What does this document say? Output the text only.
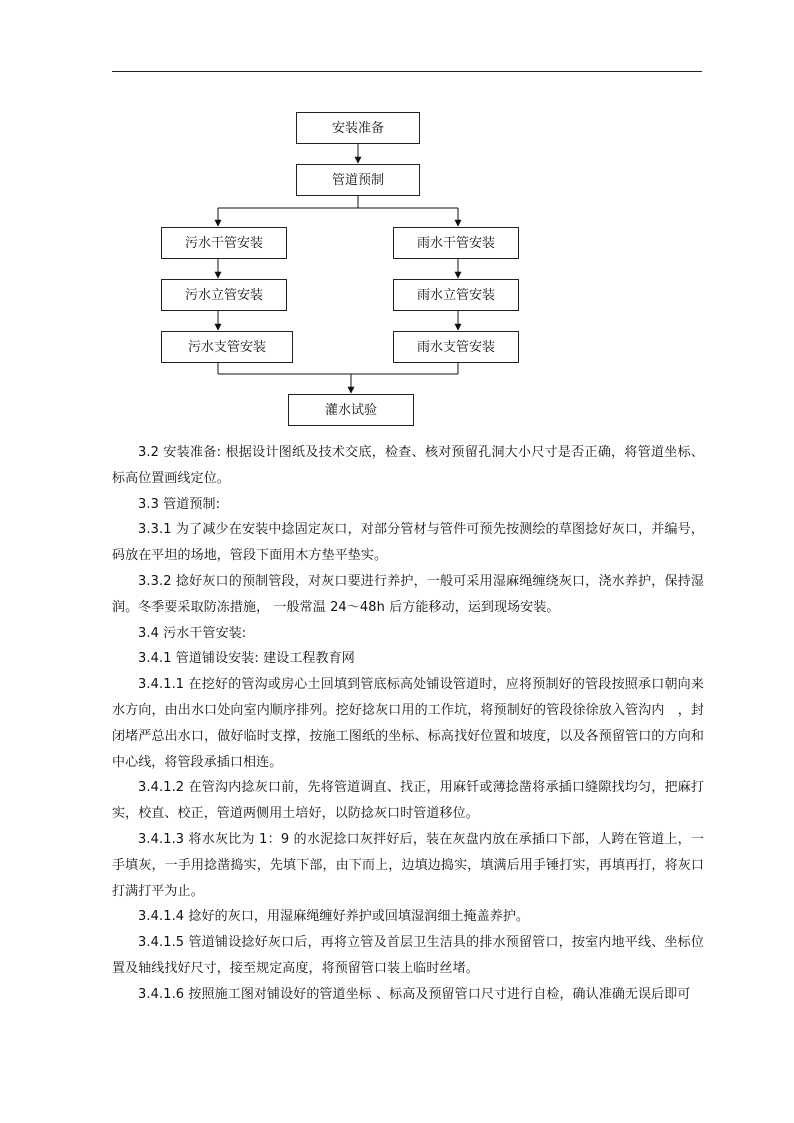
安装准备
管道预制
污水干管安装
污水立管安装
污水支管安装
雨水干管安装
雨水立管安装
雨水支管安装
灌水试验

3.2 安装准备: 根据设计图纸及技术交底，检查、核对预留孔洞大小尺寸是否正确，将管道坐标、标高位置画线定位。

3.3 管道预制:

3.3.1 为了减少在安装中捻固定灰口，对部分管材与管件可预先按测绘的草图捻好灰口，并编号，码放在平坦的场地，管段下面用木方垫平垫实。

3.3.2 捻好灰口的预制管段，对灰口要进行养护，一般可采用湿麻绳缠绕灰口，浇水养护，保持湿润。冬季要采取防冻措施， 一般常温 24～48h 后方能移动，运到现场安装。

3.4 污水干管安装:

3.4.1 管道铺设安装: 建设工程教育网

3.4.1.1 在挖好的管沟或房心土回填到管底标高处铺设管道时，应将预制好的管段按照承口朝向来水方向，由出水口处向室内顺序排列。挖好捻灰口用的工作坑，将预制好的管段徐徐放入管沟内　，封闭堵严总出水口，做好临时支撑，按施工图纸的坐标、标高找好位置和坡度，以及各预留管口的方向和中心线，将管段承插口相连。

3.4.1.2 在管沟内捻灰口前，先将管道调直、找正，用麻钎或薄捻凿将承插口缝隙找均匀，把麻打实，校直、校正，管道两侧用土培好，以防捻灰口时管道移位。

3.4.1.3 将水灰比为 1：9 的水泥捻口灰拌好后，装在灰盘内放在承插口下部，人跨在管道上，一手填灰，一手用捻凿捣实，先填下部，由下而上，边填边捣实，填满后用手锤打实，再填再打，将灰口打满打平为止。

3.4.1.4 捻好的灰口，用湿麻绳缠好养护或回填湿润细土掩盖养护。

3.4.1.5 管道铺设捻好灰口后，再将立管及首层卫生洁具的排水预留管口，按室内地平线、坐标位置及轴线找好尺寸，接至规定高度，将预留管口装上临时丝堵。

3.4.1.6 按照施工图对铺设好的管道坐标 、标高及预留管口尺寸进行自检，确认准确无误后即可
